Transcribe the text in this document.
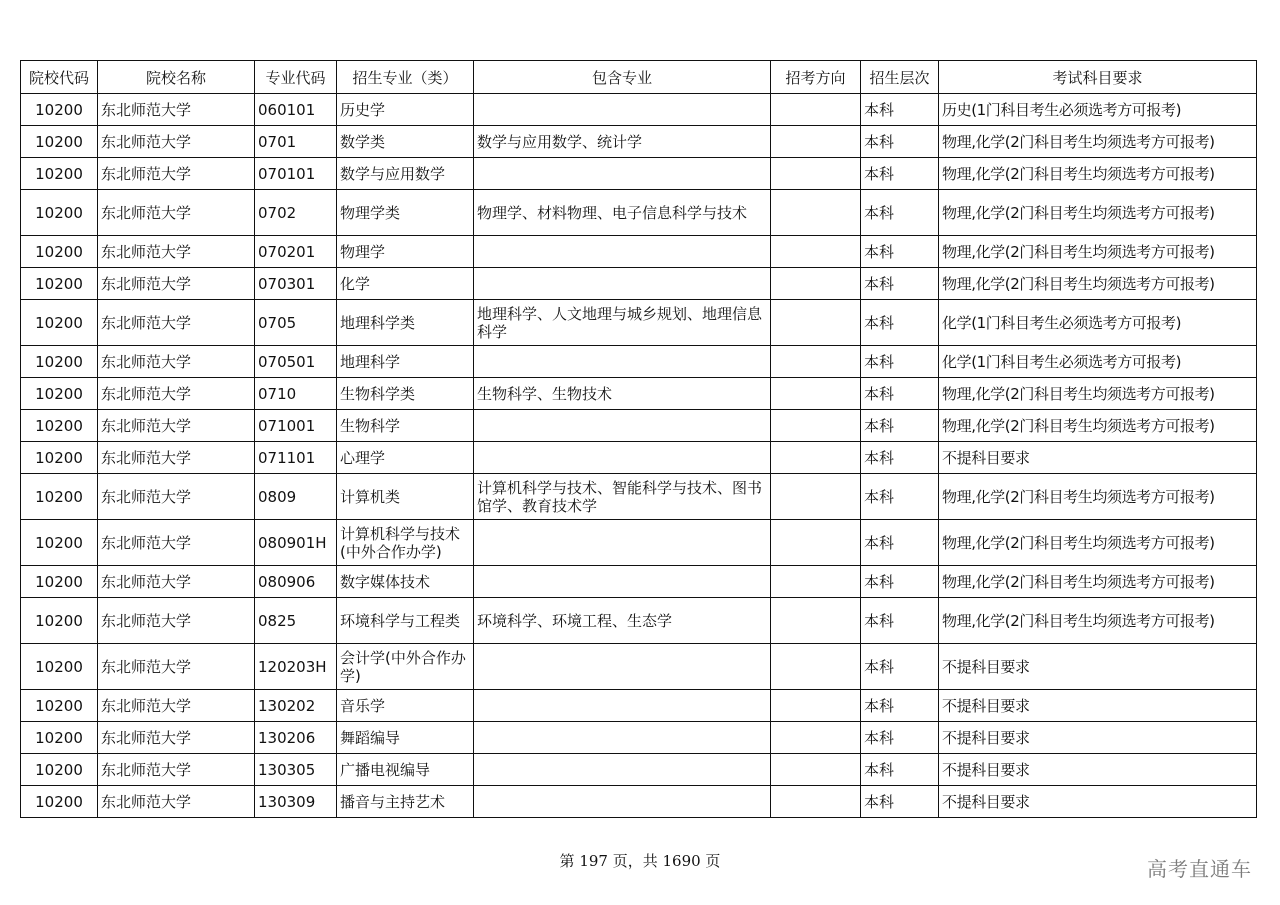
院校代码	院校名称	专业代码	招生专业（类）	包含专业	招考方向	招生层次	考试科目要求
10200	东北师范大学	060101	历史学			本科	历史(1门科目考生必须选考方可报考)
10200	东北师范大学	0701	数学类	数学与应用数学、统计学		本科	物理,化学(2门科目考生均须选考方可报考)
10200	东北师范大学	070101	数学与应用数学			本科	物理,化学(2门科目考生均须选考方可报考)
10200	东北师范大学	0702	物理学类	物理学、材料物理、电子信息科学与技术		本科	物理,化学(2门科目考生均须选考方可报考)
10200	东北师范大学	070201	物理学			本科	物理,化学(2门科目考生均须选考方可报考)
10200	东北师范大学	070301	化学			本科	物理,化学(2门科目考生均须选考方可报考)
10200	东北师范大学	0705	地理科学类	地理科学、人文地理与城乡规划、地理信息科学		本科	化学(1门科目考生必须选考方可报考)
10200	东北师范大学	070501	地理科学			本科	化学(1门科目考生必须选考方可报考)
10200	东北师范大学	0710	生物科学类	生物科学、生物技术		本科	物理,化学(2门科目考生均须选考方可报考)
10200	东北师范大学	071001	生物科学			本科	物理,化学(2门科目考生均须选考方可报考)
10200	东北师范大学	071101	心理学			本科	不提科目要求
10200	东北师范大学	0809	计算机类	计算机科学与技术、智能科学与技术、图书馆学、教育技术学		本科	物理,化学(2门科目考生均须选考方可报考)
10200	东北师范大学	080901H	计算机科学与技术(中外合作办学)			本科	物理,化学(2门科目考生均须选考方可报考)
10200	东北师范大学	080906	数字媒体技术			本科	物理,化学(2门科目考生均须选考方可报考)
10200	东北师范大学	0825	环境科学与工程类	环境科学、环境工程、生态学		本科	物理,化学(2门科目考生均须选考方可报考)
10200	东北师范大学	120203H	会计学(中外合作办学)			本科	不提科目要求
10200	东北师范大学	130202	音乐学			本科	不提科目要求
10200	东北师范大学	130206	舞蹈编导			本科	不提科目要求
10200	东北师范大学	130305	广播电视编导			本科	不提科目要求
10200	东北师范大学	130309	播音与主持艺术			本科	不提科目要求
第 197 页，共 1690 页	高考直通车
